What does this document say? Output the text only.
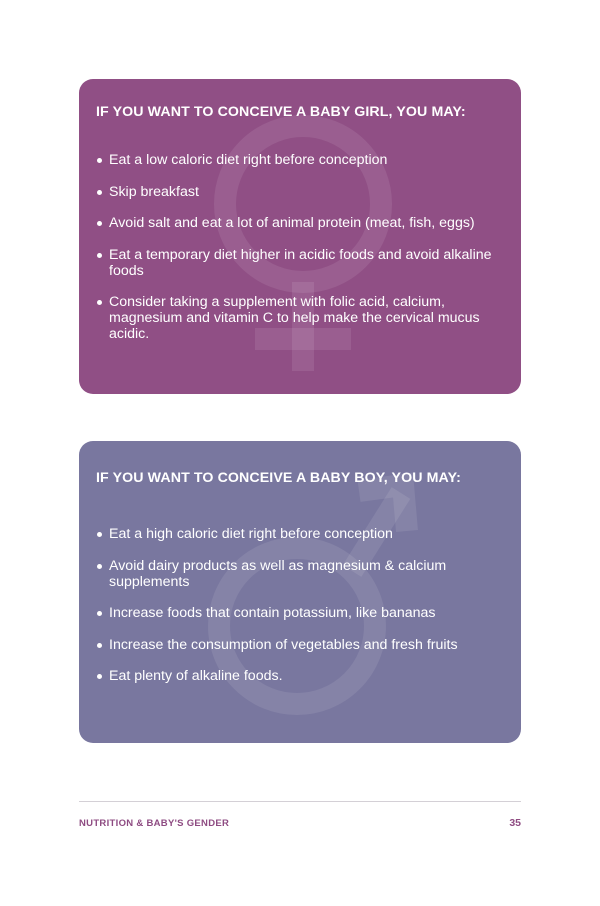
IF YOU WANT TO CONCEIVE A BABY GIRL, YOU MAY:
Eat a low caloric diet right before conception
Skip breakfast
Avoid salt and eat a lot of animal protein (meat, fish, eggs)
Eat a temporary diet higher in acidic foods and avoid alkaline foods
Consider taking a supplement with folic acid, calcium, magnesium and vitamin C to help make the cervical mucus acidic.
IF YOU WANT TO CONCEIVE A BABY BOY, YOU MAY:
Eat a high caloric diet right before conception
Avoid dairy products as well as magnesium & calcium supplements
Increase foods that contain potassium, like bananas
Increase the consumption of vegetables and fresh fruits
Eat plenty of alkaline foods.
NUTRITION & BABY'S GENDER	35
